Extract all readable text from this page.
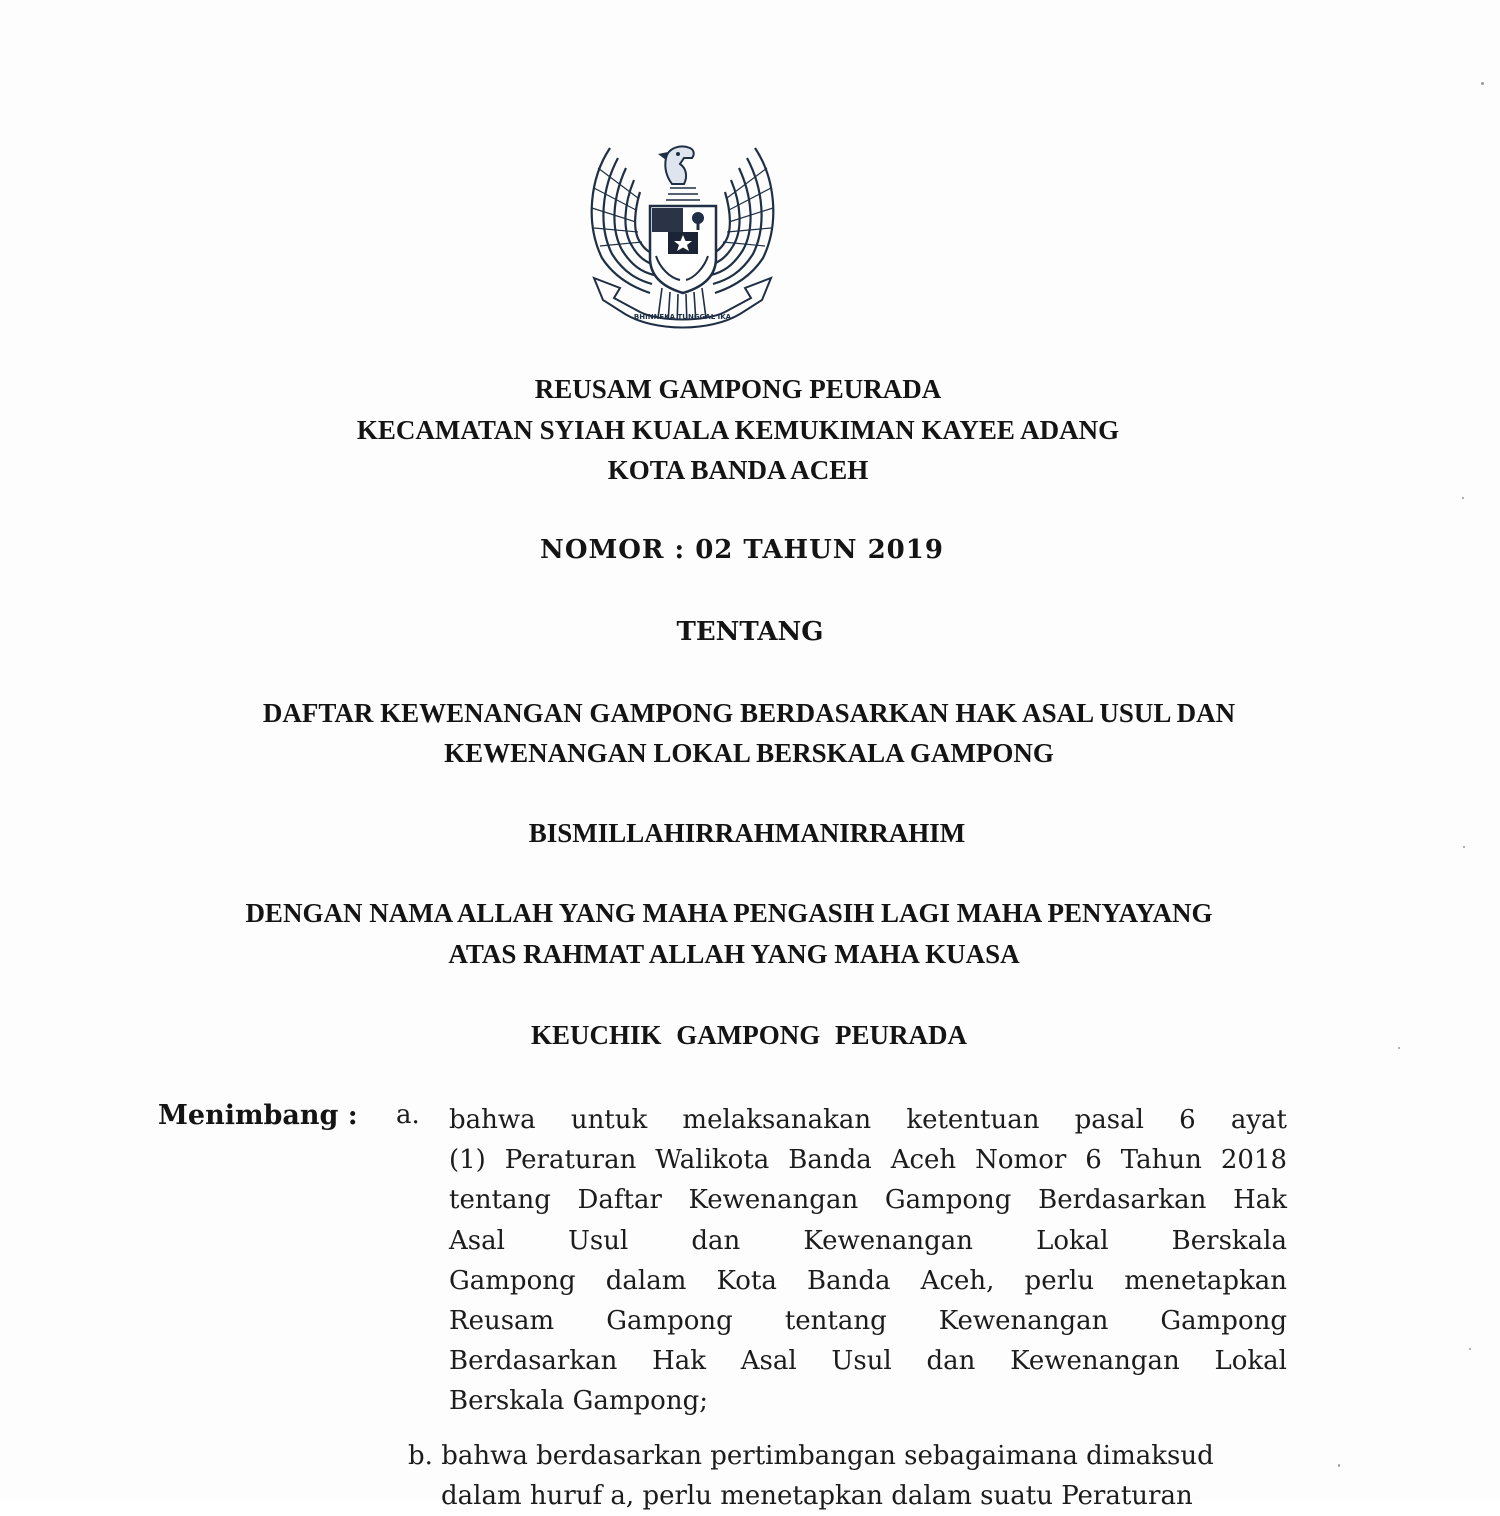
BHINNEKA TUNGGAL IKA
REUSAM GAMPONG PEURADA
KECAMATAN SYIAH KUALA KEMUKIMAN KAYEE ADANG
KOTA BANDA ACEH
NOMOR : 02 TAHUN 2019
TENTANG
DAFTAR KEWENANGAN GAMPONG BERDASARKAN HAK ASAL USUL DAN
KEWENANGAN LOKAL BERSKALA GAMPONG
BISMILLAHIRRAHMANIRRAHIM
DENGAN NAMA ALLAH YANG MAHA PENGASIH LAGI MAHA PENYAYANG
ATAS RAHMAT ALLAH YANG MAHA KUASA
KEUCHIK GAMPONG PEURADA
Menimbang : a. bahwa untuk melaksanakan ketentuan pasal 6 ayat
(1) Peraturan Walikota Banda Aceh Nomor 6 Tahun 2018
tentang Daftar Kewenangan Gampong Berdasarkan Hak
Asal Usul dan Kewenangan Lokal Berskala
Gampong dalam Kota Banda Aceh, perlu menetapkan
Reusam Gampong tentang Kewenangan Gampong
Berdasarkan Hak Asal Usul dan Kewenangan Lokal
Berskala Gampong;
b. bahwa berdasarkan pertimbangan sebagaimana dimaksud
dalam huruf a, perlu menetapkan dalam suatu Peraturan
